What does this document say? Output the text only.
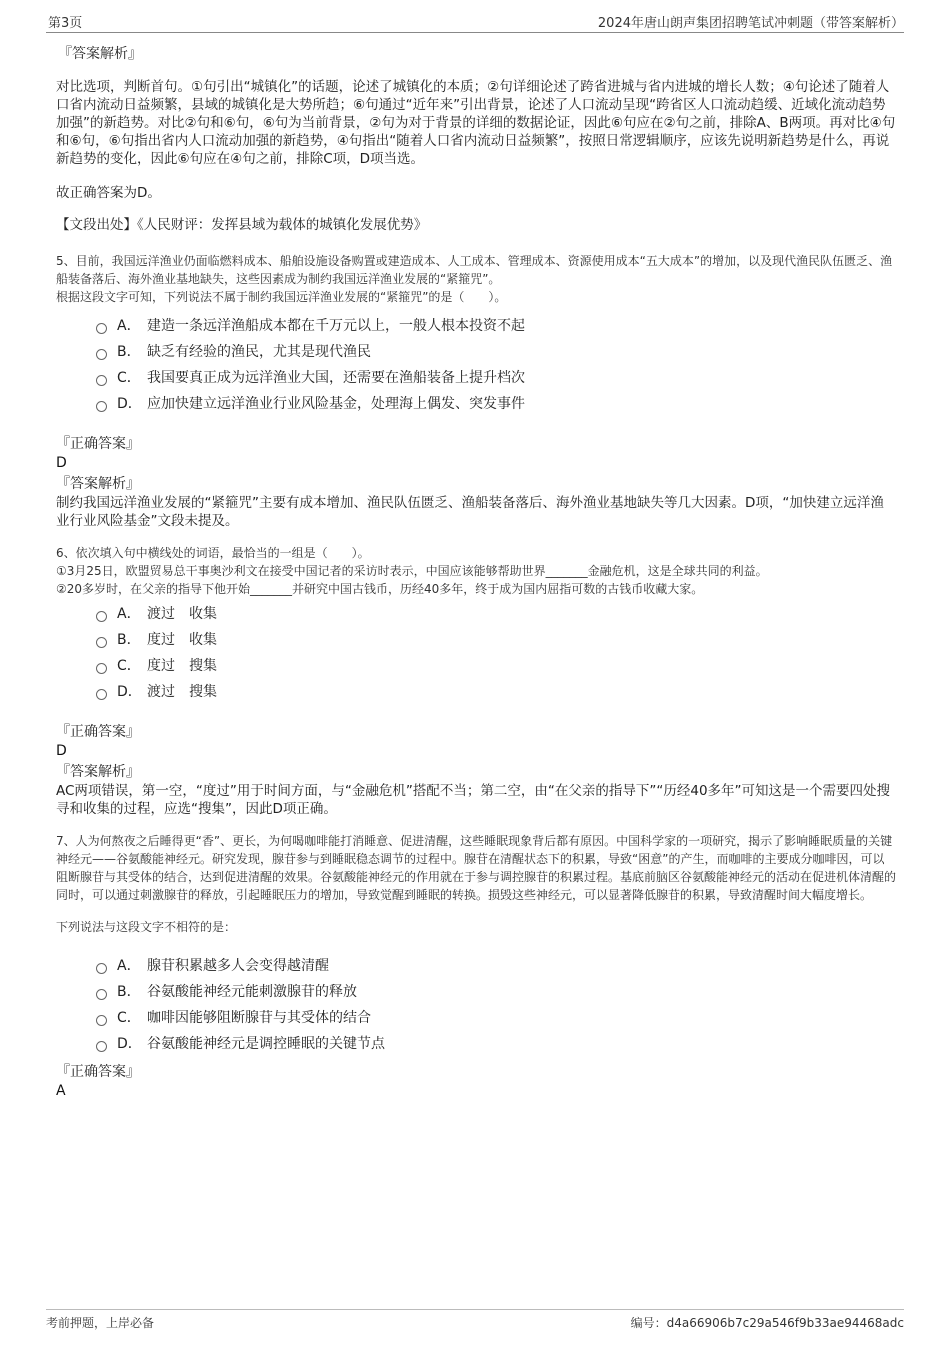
第3页	2024年唐山朗声集团招聘笔试冲刺题（带答案解析）
『答案解析』
对比选项，判断首句。①句引出“城镇化”的话题，论述了城镇化的本质；②句详细论述了跨省进城与省内进城的增长人数；④句论述了随着人口省内流动日益频繁，县域的城镇化是大势所趋；⑥句通过“近年来”引出背景，论述了人口流动呈现“跨省区人口流动趋缓、近域化流动趋势加强”的新趋势。对比②句和⑥句，⑥句为当前背景，②句为对于背景的详细的数据论证，因此⑥句应在②句之前，排除A、B两项。再对比④句和⑥句，⑥句指出省内人口流动加强的新趋势，④句指出“随着人口省内流动日益频繁”，按照日常逻辑顺序，应该先说明新趋势是什么，再说新趋势的变化，因此⑥句应在④句之前，排除C项，D项当选。
故正确答案为D。
【文段出处】《人民财评：发挥县域为载体的城镇化发展优势》
5、目前，我国远洋渔业仍面临燃料成本、船舶设施设备购置或建造成本、人工成本、管理成本、资源使用成本“五大成本”的增加，以及现代渔民队伍匮乏、渔船装备落后、海外渔业基地缺失，这些因素成为制约我国远洋渔业发展的“紧箍咒”。
根据这段文字可知，下列说法不属于制约我国远洋渔业发展的“紧箍咒”的是（　　）。
A． 建造一条远洋渔船成本都在千万元以上，一般人根本投资不起
B． 缺乏有经验的渔民，尤其是现代渔民
C． 我国要真正成为远洋渔业大国，还需要在渔船装备上提升档次
D． 应加快建立远洋渔业行业风险基金，处理海上偶发、突发事件
『正确答案』
D
『答案解析』
制约我国远洋渔业发展的“紧箍咒”主要有成本增加、渔民队伍匮乏、渔船装备落后、海外渔业基地缺失等几大因素。D项，“加快建立远洋渔业行业风险基金”文段未提及。
6、依次填入句中横线处的词语，最恰当的一组是（　　）。
①3月25日，欧盟贸易总干事奥沙利文在接受中国记者的采访时表示，中国应该能够帮助世界_______金融危机，这是全球共同的利益。
②20多岁时，在父亲的指导下他开始_______并研究中国古钱币，历经40多年，终于成为国内屈指可数的古钱币收藏大家。
A． 渡过　收集
B． 度过　收集
C． 度过　搜集
D． 渡过　搜集
『正确答案』
D
『答案解析』
AC两项错误，第一空，“度过”用于时间方面，与“金融危机”搭配不当；第二空，由“在父亲的指导下”“历经40多年”可知这是一个需要四处搜寻和收集的过程，应选“搜集”，因此D项正确。
7、人为何熬夜之后睡得更“香”、更长，为何喝咖啡能打消睡意、促进清醒，这些睡眠现象背后都有原因。中国科学家的一项研究，揭示了影响睡眠质量的关键神经元——谷氨酸能神经元。研究发现，腺苷参与到睡眠稳态调节的过程中。腺苷在清醒状态下的积累，导致“困意”的产生，而咖啡的主要成分咖啡因，可以阻断腺苷与其受体的结合，达到促进清醒的效果。谷氨酸能神经元的作用就在于参与调控腺苷的积累过程。基底前脑区谷氨酸能神经元的活动在促进机体清醒的同时，可以通过刺激腺苷的释放，引起睡眠压力的增加，导致觉醒到睡眠的转换。损毁这些神经元，可以显著降低腺苷的积累，导致清醒时间大幅度增长。
下列说法与这段文字不相符的是：
A． 腺苷积累越多人会变得越清醒
B． 谷氨酸能神经元能刺激腺苷的释放
C． 咖啡因能够阻断腺苷与其受体的结合
D． 谷氨酸能神经元是调控睡眠的关键节点
『正确答案』
A
考前押题，上岸必备	编号：d4a66906b7c29a546f9b33ae94468adc
